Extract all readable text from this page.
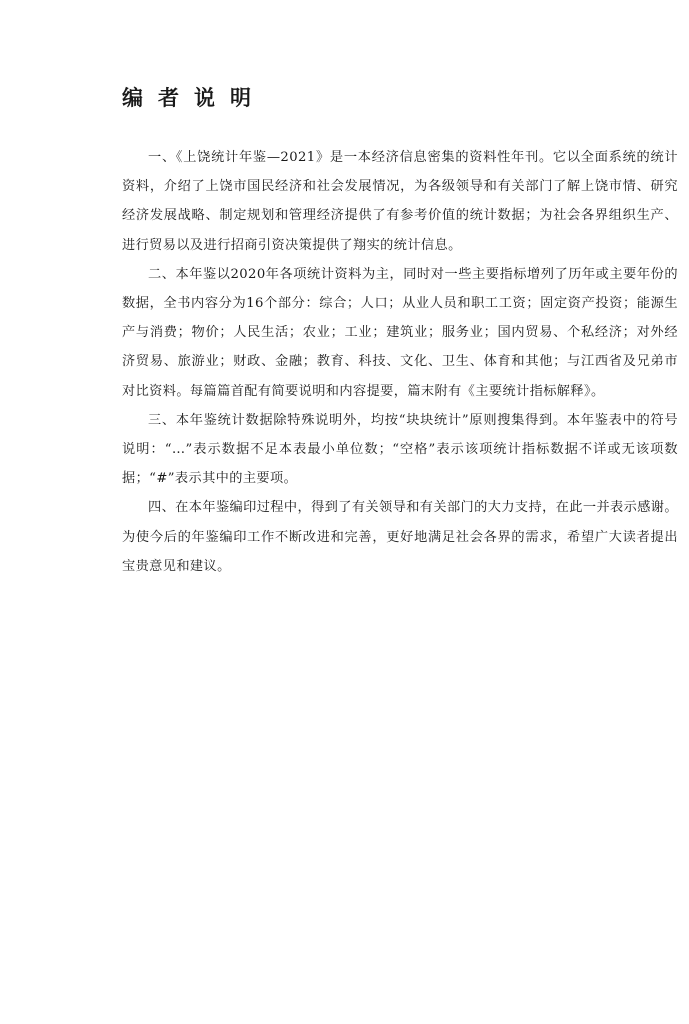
编者说明

一、《上饶统计年鉴—2021》是一本经济信息密集的资料性年刊。它以全面系统的统计资料，介绍了上饶市国民经济和社会发展情况，为各级领导和有关部门了解上饶市情、研究经济发展战略、制定规划和管理经济提供了有参考价值的统计数据；为社会各界组织生产、进行贸易以及进行招商引资决策提供了翔实的统计信息。

二、本年鉴以2020年各项统计资料为主，同时对一些主要指标增列了历年或主要年份的数据，全书内容分为16个部分：综合；人口；从业人员和职工工资；固定资产投资；能源生产与消费；物价；人民生活；农业；工业；建筑业；服务业；国内贸易、个私经济；对外经济贸易、旅游业；财政、金融；教育、科技、文化、卫生、体育和其他；与江西省及兄弟市对比资料。每篇篇首配有简要说明和内容提要，篇末附有《主要统计指标解释》。

三、本年鉴统计数据除特殊说明外，均按“块块统计”原则搜集得到。本年鉴表中的符号说明：“…”表示数据不足本表最小单位数；“空格”表示该项统计指标数据不详或无该项数据；“#”表示其中的主要项。

四、在本年鉴编印过程中，得到了有关领导和有关部门的大力支持，在此一并表示感谢。为使今后的年鉴编印工作不断改进和完善，更好地满足社会各界的需求，希望广大读者提出宝贵意见和建议。
